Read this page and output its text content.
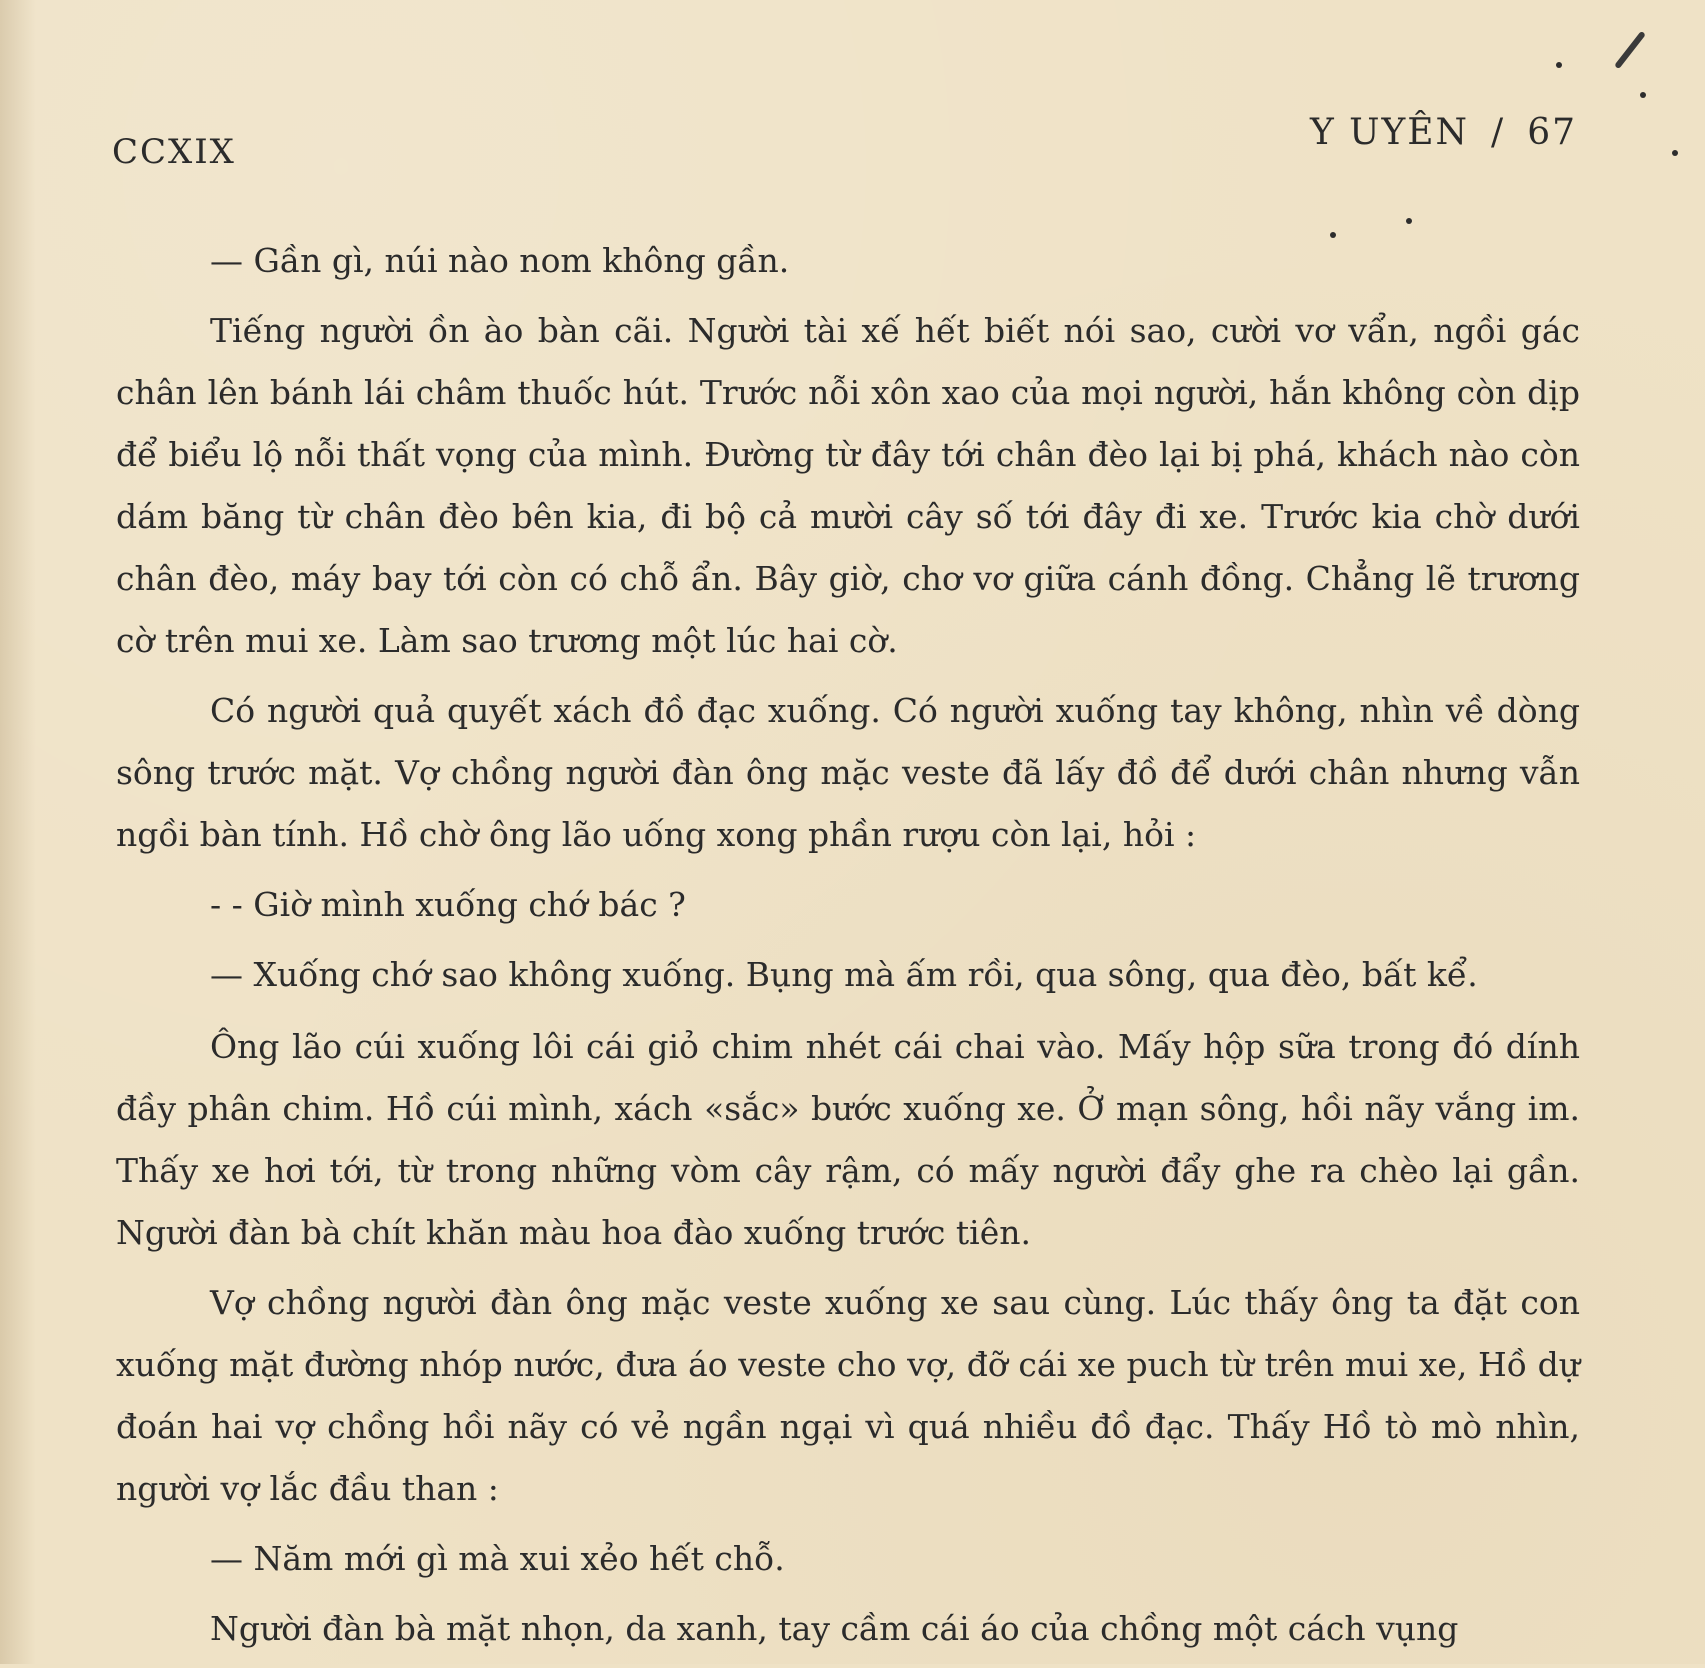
CCXIX	Y UYÊN / 67

— Gần gì, núi nào nom không gần.

Tiếng người ồn ào bàn cãi. Người tài xế hết biết nói sao, cười vơ vẩn, ngồi gác chân lên bánh lái châm thuốc hút. Trước nỗi xôn xao của mọi người, hắn không còn dịp để biểu lộ nỗi thất vọng của mình. Đường từ đây tới chân đèo lại bị phá, khách nào còn dám băng từ chân đèo bên kia, đi bộ cả mười cây số tới đây đi xe. Trước kia chờ dưới chân đèo, máy bay tới còn có chỗ ẩn. Bây giờ, chơ vơ giữa cánh đồng. Chẳng lẽ trương cờ trên mui xe. Làm sao trương một lúc hai cờ.

Có người quả quyết xách đồ đạc xuống. Có người xuống tay không, nhìn về dòng sông trước mặt. Vợ chồng người đàn ông mặc veste đã lấy đồ để dưới chân nhưng vẫn ngồi bàn tính. Hồ chờ ông lão uống xong phần rượu còn lại, hỏi :

- - Giờ mình xuống chớ bác ?

— Xuống chớ sao không xuống. Bụng mà ấm rồi, qua sông, qua đèo, bất kể.

Ông lão cúi xuống lôi cái giỏ chim nhét cái chai vào. Mấy hộp sữa trong đó dính đầy phân chim. Hồ cúi mình, xách «sắc» bước xuống xe. Ở mạn sông, hồi nãy vắng im. Thấy xe hơi tới, từ trong những vòm cây rậm, có mấy người đẩy ghe ra chèo lại gần. Người đàn bà chít khăn màu hoa đào xuống trước tiên.

Vợ chồng người đàn ông mặc veste xuống xe sau cùng. Lúc thấy ông ta đặt con xuống mặt đường nhóp nước, đưa áo veste cho vợ, đỡ cái xe puch từ trên mui xe, Hồ dự đoán hai vợ chồng hồi nãy có vẻ ngần ngại vì quá nhiều đồ đạc. Thấy Hồ tò mò nhìn, người vợ lắc đầu than :

— Năm mới gì mà xui xẻo hết chỗ.

Người đàn bà mặt nhọn, da xanh, tay cầm cái áo của chồng một cách vụng
